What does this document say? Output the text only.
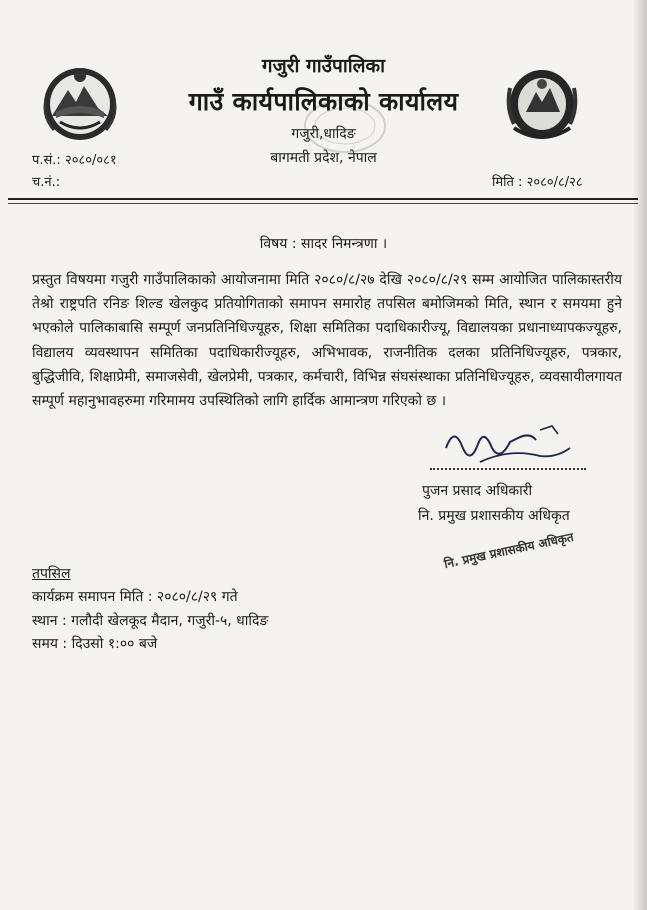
गजुरी गाउँपालिका
गाउँ कार्यपालिकाको कार्यालय
गजुरी,धादिङ
बागमती प्रदेश, नेपाल
प.सं.: २०८०/०८१
च.नं.:	मिति : २०८०/८/२८
विषय : सादर निमन्त्रणा ।
प्रस्तुत विषयमा गजुरी गाउँपालिकाको आयोजनामा मिति २०८०/८/२७ देखि २०८०/८/२९ सम्म आयोजित पालिकास्तरीय तेश्रो राष्ट्रपति रनिङ शिल्ड खेलकुद प्रतियोगिताको समापन समारोह तपसिल बमोजिमको मिति, स्थान र समयमा हुने भएकोले पालिकाबासि सम्पूर्ण जनप्रतिनिधिज्यूहरु, शिक्षा समितिका पदाधिकारीज्यू, विद्यालयका प्रधानाध्यापकज्यूहरु, विद्यालय व्यवस्थापन समितिका पदाधिकारीज्यूहरु, अभिभावक, राजनीतिक दलका प्रतिनिधिज्यूहरु, पत्रकार, बुद्धिजीवि, शिक्षाप्रेमी, समाजसेवी, खेलप्रेमी, पत्रकार, कर्मचारी, विभिन्न संघसंस्थाका प्रतिनिधिज्यूहरु, व्यवसायीलगायत सम्पूर्ण महानुभावहरुमा गरिमामय उपस्थितिको लागि हार्दिक आमान्त्रण गरिएको छ ।
पुजन प्रसाद अधिकारी
नि. प्रमुख प्रशासकीय अधिकृत
नि. प्रमुख प्रशासकीय अधिकृत
तपसिल
कार्यक्रम समापन मिति : २०८०/८/२९ गते
स्थान : गलौदी खेलकूद मैदान, गजुरी-५, धादिङ
समय : दिउसो १:०० बजे
